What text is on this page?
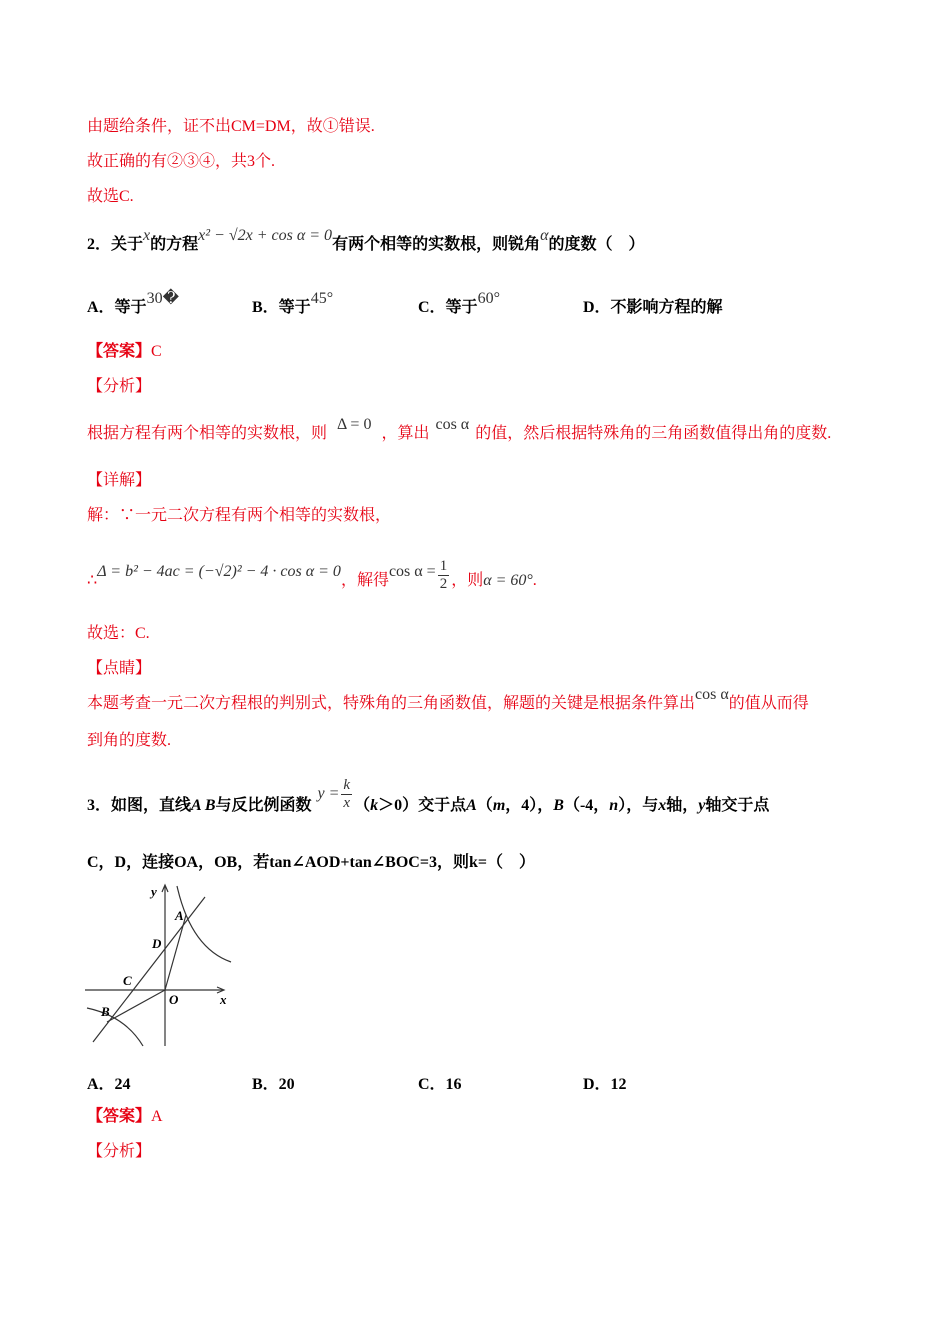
由题给条件，证不出CM=DM，故①错误.
故正确的有②③④，共3个.
故选C.
2．关于x的方程x² − √2x + cos α = 0有两个相等的实数根，则锐角α的度数（　）
A．等于30�
B．等于45°
C．等于60°
D．不影响方程的解
【答案】C
【分析】
根据方程有两个相等的实数根，则Δ = 0，算出cos α的值，然后根据特殊角的三角函数值得出角的度数.
【详解】
解：∵一元二次方程有两个相等的实数根，
∴Δ = b² − 4ac = (−√2)² − 4 · cos α = 0，解得$\cos \alpha = \frac{1}{2}$ ，则α = 60°.
故选：C.
【点睛】
本题考查一元二次方程根的判别式，特殊角的三角函数值，解题的关键是根据条件算出cos α的值从而得
到角的度数.
3．如图，直线A B与反比例函数$y = \frac{k}{x} (k>0)$交于点A（m，4），B（-4，n），与x轴，y轴交于点
C，D，连接OA，OB，若tan∠AOD+tan∠BOC=3，则k=（　）
y
A
D
C
O	x
B
A．24	B．20	C．16	D．12
【答案】A
【分析】
